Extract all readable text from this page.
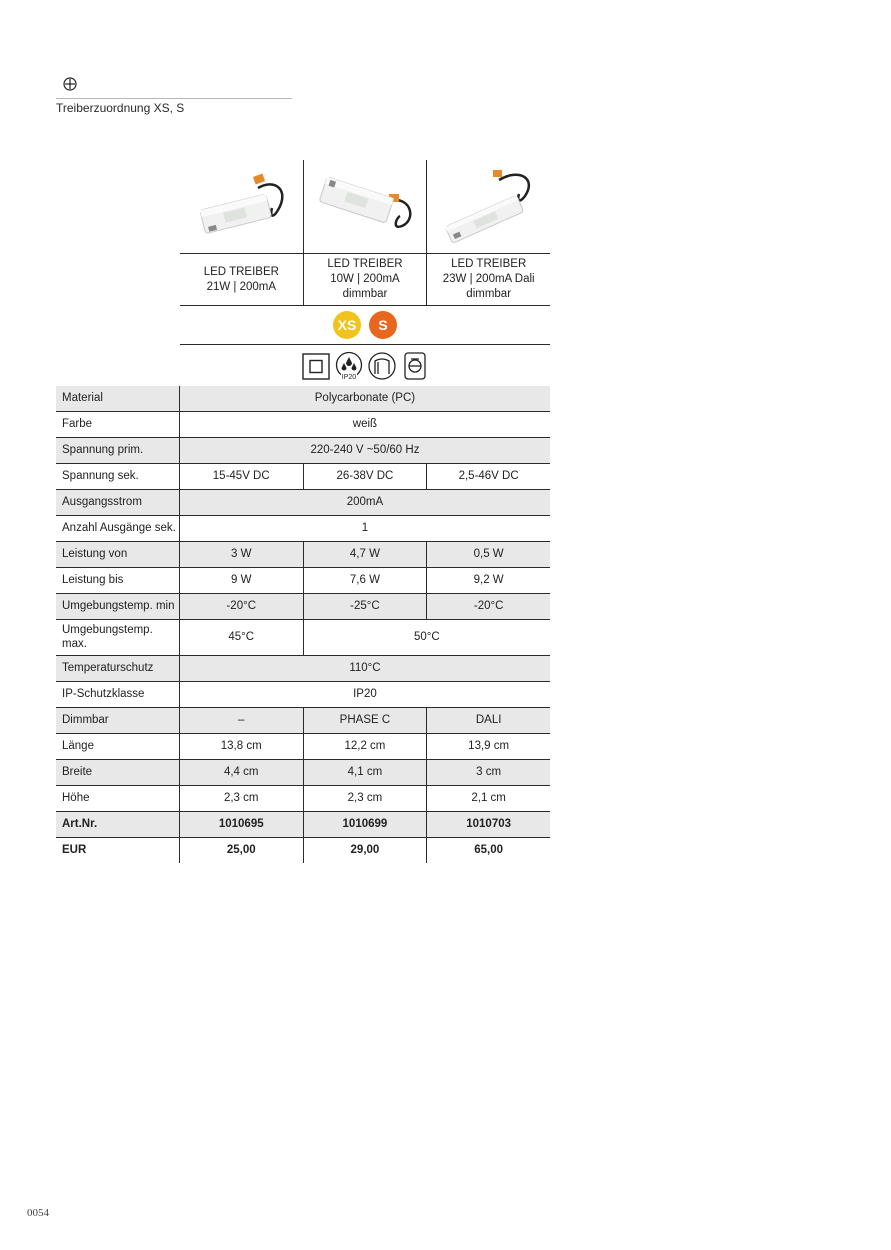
Treiberzuordnung XS, S
LED TREIBER
21W | 200mA
LED TREIBER
10W | 200mA
dimmbar
LED TREIBER
23W | 200mA Dali
dimmbar
XS	S
IP20
Material	Polycarbonate (PC)		
Farbe	weiß		
Spannung prim.	220-240 V ~50/60 Hz		
Spannung sek.	15-45V DC	26-38V DC	2,5-46V DC
Ausgangsstrom	200mA		
Anzahl Ausgänge sek.	1		
Leistung von	3 W	4,7 W	0,5 W
Leistung bis	9 W	7,6 W	9,2 W
Umgebungstemp. min	-20°C	-25°C	-20°C
Umgebungstemp. max.	45°C	50°C	
Temperaturschutz	110°C		
IP-Schutzklasse	IP20		
Dimmbar	–	PHASE C	DALI
Länge	13,8 cm	12,2 cm	13,9 cm
Breite	4,4 cm	4,1 cm	3 cm
Höhe	2,3 cm	2,3 cm	2,1 cm
Art.Nr.	1010695	1010699	1010703
EUR	25,00	29,00	65,00
0054
